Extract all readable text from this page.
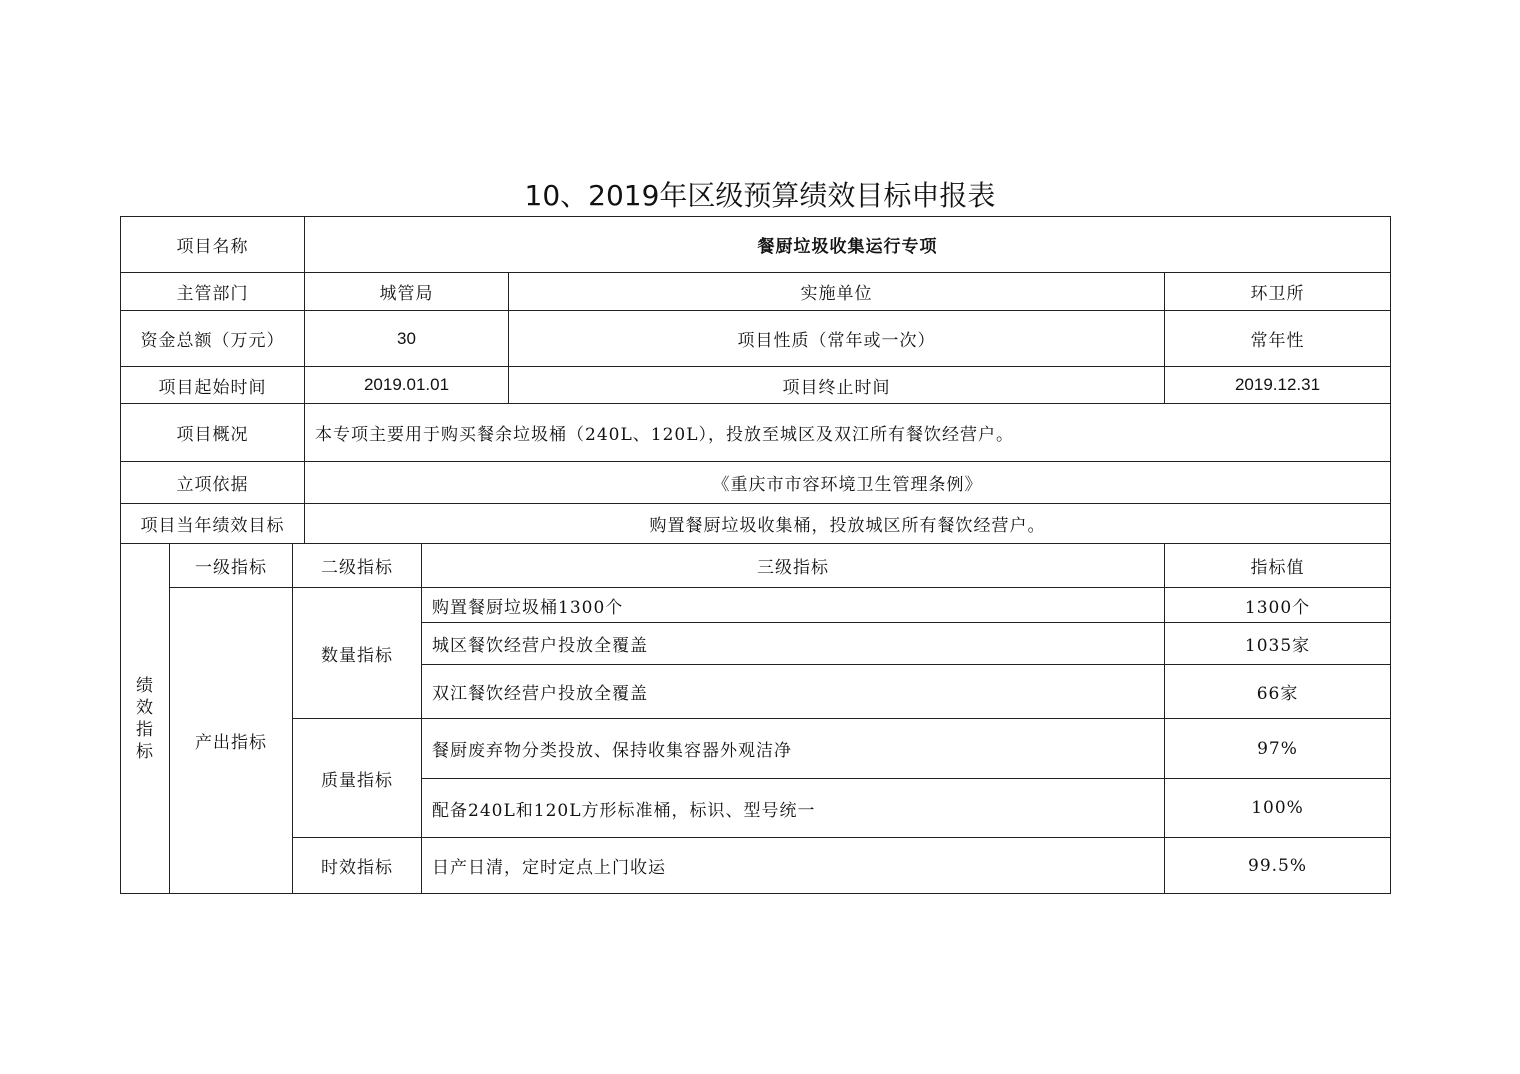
10、2019年区级预算绩效目标申报表
项目名称			餐厨垃圾收集运行专项			
主管部门			城管局		实施单位	环卫所
资金总额（万元）			30		项目性质（常年或一次）	常年性
项目起始时间			2019.01.01		项目终止时间	2019.12.31
项目概况			本专项主要用于购买餐余垃圾桶（240L、120L），投放至城区及双江所有餐饮经营户。			
立项依据			《重庆市市容环境卫生管理条例》			
项目当年绩效目标			购置餐厨垃圾收集桶，投放城区所有餐饮经营户。			
绩效指标	一级指标	二级指标		三级指标		指标值
	产出指标	数量指标		购置餐厨垃圾桶1300个		1300个
				城区餐饮经营户投放全覆盖		1035家
				双江餐饮经营户投放全覆盖		66家
		质量指标		餐厨废弃物分类投放、保持收集容器外观洁净		97%
				配备240L和120L方形标准桶，标识、型号统一		100%
		时效指标		日产日清，定时定点上门收运		99.5%
